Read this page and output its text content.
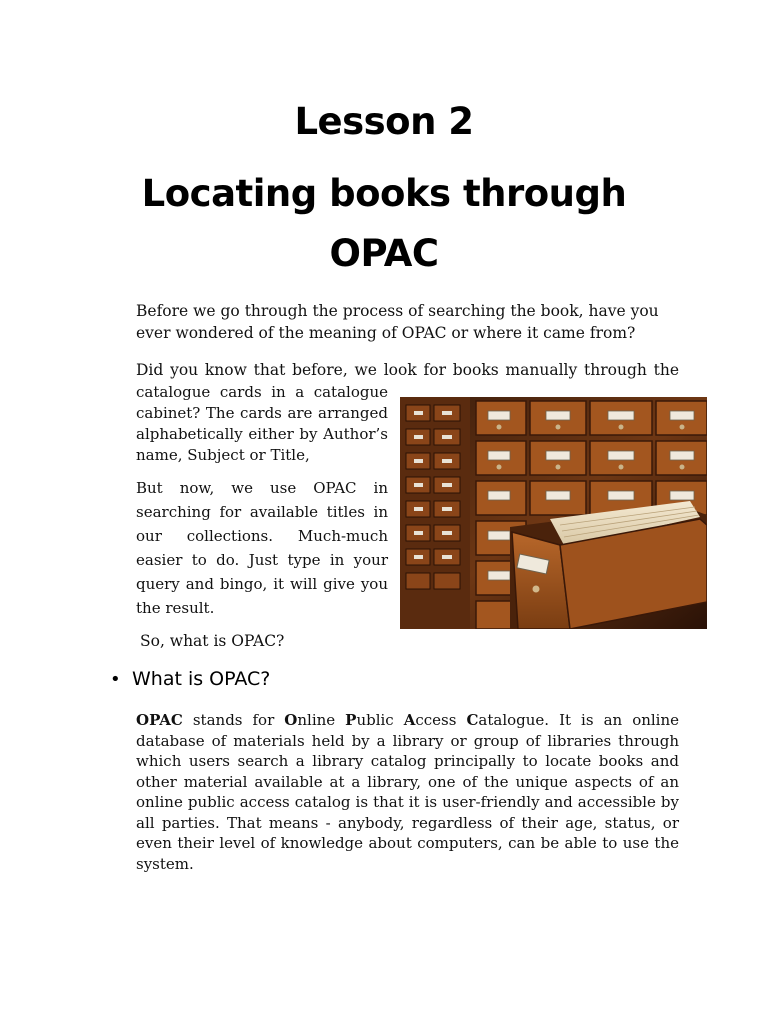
Lesson 2
Locating books through
OPAC

Before we go through the process of searching the book, have you ever wondered of the meaning of OPAC or where it came from?

Did you know that before, we look for books manually through the

catalogue cards in a catalogue cabinet? The cards are arranged alphabetically either by Author’s name, Subject or Title,

But now, we use OPAC in searching for available titles in our collections. Much-much easier to do. Just type in your query and bingo, it will give you the result.

So, what is OPAC?

• What is OPAC?

OPAC stands for Online Public Access Catalogue. It is an online database of materials held by a library or group of libraries through which users search a library catalog principally to locate books and other material available at a library, one of the unique aspects of an online public access catalog is that it is user-friendly and accessible by all parties. That means - anybody, regardless of their age, status, or even their level of knowledge about computers, can be able to use the system.
